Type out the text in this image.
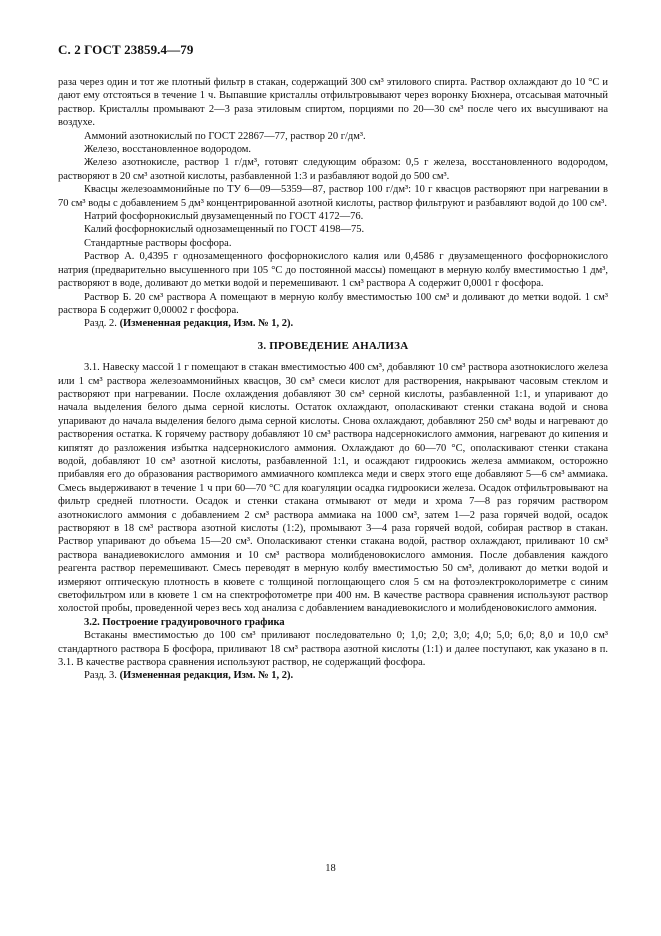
С. 2 ГОСТ 23859.4—79

раза через один и тот же плотный фильтр в стакан, содержащий 300 см³ этилового спирта. Раствор охлаждают до 10 °С и дают ему отстояться в течение 1 ч. Выпавшие кристаллы отфильтровывают через воронку Бюхнера, отсасывая маточный раствор. Кристаллы промывают 2—3 раза этиловым спиртом, порциями по 20—30 см³ после чего их высушивают на воздухе.

Аммоний азотнокислый по ГОСТ 22867—77, раствор 20 г/дм³.

Железо, восстановленное водородом.

Железо азотнокисле, раствор 1 г/дм³, готовят следующим образом: 0,5 г железа, восстановленного водородом, растворяют в 20 см³ азотной кислоты, разбавленной 1:3 и разбавляют водой до 500 см³.

Квасцы железоаммонийные по ТУ 6—09—5359—87, раствор 100 г/дм³: 10 г квасцов растворяют при нагревании в 70 см³ воды с добавлением 5 дм³ концентрированной азотной кислоты, раствор фильтруют и разбавляют водой до 100 см³.

Натрий фосфорнокислый двузамещенный по ГОСТ 4172—76.

Калий фосфорнокислый однозамещенный по ГОСТ 4198—75.

Стандартные растворы фосфора.

Раствор А. 0,4395 г однозамещенного фосфорнокислого калия или 0,4586 г двузамещенного фосфорнокислого натрия (предварительно высушенного при 105 °С до постоянной массы) помещают в мерную колбу вместимостью 1 дм³, растворяют в воде, доливают до метки водой и перемешивают. 1 см³ раствора А содержит 0,0001 г фосфора.

Раствор Б. 20 см³ раствора А помещают в мерную колбу вместимостью 100 см³ и доливают до метки водой. 1 см³ раствора Б содержит 0,00002 г фосфора.

Разд. 2. (Измененная редакция, Изм. № 1, 2).

3. ПРОВЕДЕНИЕ АНАЛИЗА

3.1. Навеску массой 1 г помещают в стакан вместимостью 400 см³, добавляют 10 см³ раствора азотнокислого железа или 1 см³ раствора железоаммонийных квасцов, 30 см³ смеси кислот для растворения, накрывают часовым стеклом и растворяют при нагревании. После охлаждения добавляют 30 см³ серной кислоты, разбавленной 1:1, и упаривают до начала выделения белого дыма серной кислоты. Остаток охлаждают, ополаскивают стенки стакана водой и снова упаривают до начала выделения белого дыма серной кислоты. Снова охлаждают, добавляют 250 см³ воды и нагревают до растворения остатка. К горячему раствору добавляют 10 см³ раствора надсернокислого аммония, нагревают до кипения и кипятят до разложения избытка надсернокислого аммония. Охлаждают до 60—70 °С, ополаскивают стенки стакана водой, добавляют 10 см³ азотной кислоты, разбавленной 1:1, и осаждают гидроокись железа аммиаком, осторожно прибавляя его до образования растворимого аммиачного комплекса меди и сверх этого еще добавляют 5—6 см³ аммиака. Смесь выдерживают в течение 1 ч при 60—70 °С для коагуляции осадка гидроокиси железа. Осадок отфильтровывают на фильтр средней плотности. Осадок и стенки стакана отмывают от меди и хрома 7—8 раз горячим раствором азотнокислого аммония с добавлением 2 см³ раствора аммиака на 1000 см³, затем 1—2 раза горячей водой, осадок растворяют в 18 см³ раствора азотной кислоты (1:2), промывают 3—4 раза горячей водой, собирая раствор в стакан. Раствор упаривают до объема 15—20 см³. Ополаскивают стенки стакана водой, раствор охлаждают, приливают 10 см³ раствора ванадиевокислого аммония и 10 см³ раствора молибденовокислого аммония. После добавления каждого реагента раствор перемешивают. Смесь переводят в мерную колбу вместимостью 50 см³, доливают до метки водой и измеряют оптическую плотность в кювете с толщиной поглощающего слоя 5 см на фотоэлектроколориметре с синим светофильтром или в кювете 1 см на спектрофотометре при 400 нм. В качестве раствора сравнения используют раствор холостой пробы, проведенной через весь ход анализа с добавлением ванадиевокислого и молибденовокислого аммония.

3.2. Построение градуировочного графика

Вcтаканы вместимостью до 100 см³ приливают последовательно 0; 1,0; 2,0; 3,0; 4,0; 5,0; 6,0; 8,0 и 10,0 см³ стандартного раствора Б фосфора, приливают 18 см³ раствора азотной кислоты (1:1) и далее поступают, как указано в п. 3.1. В качестве раствора сравнения используют раствор, не содержащий фосфора.

Разд. 3. (Измененная редакция, Изм. № 1, 2).

18
